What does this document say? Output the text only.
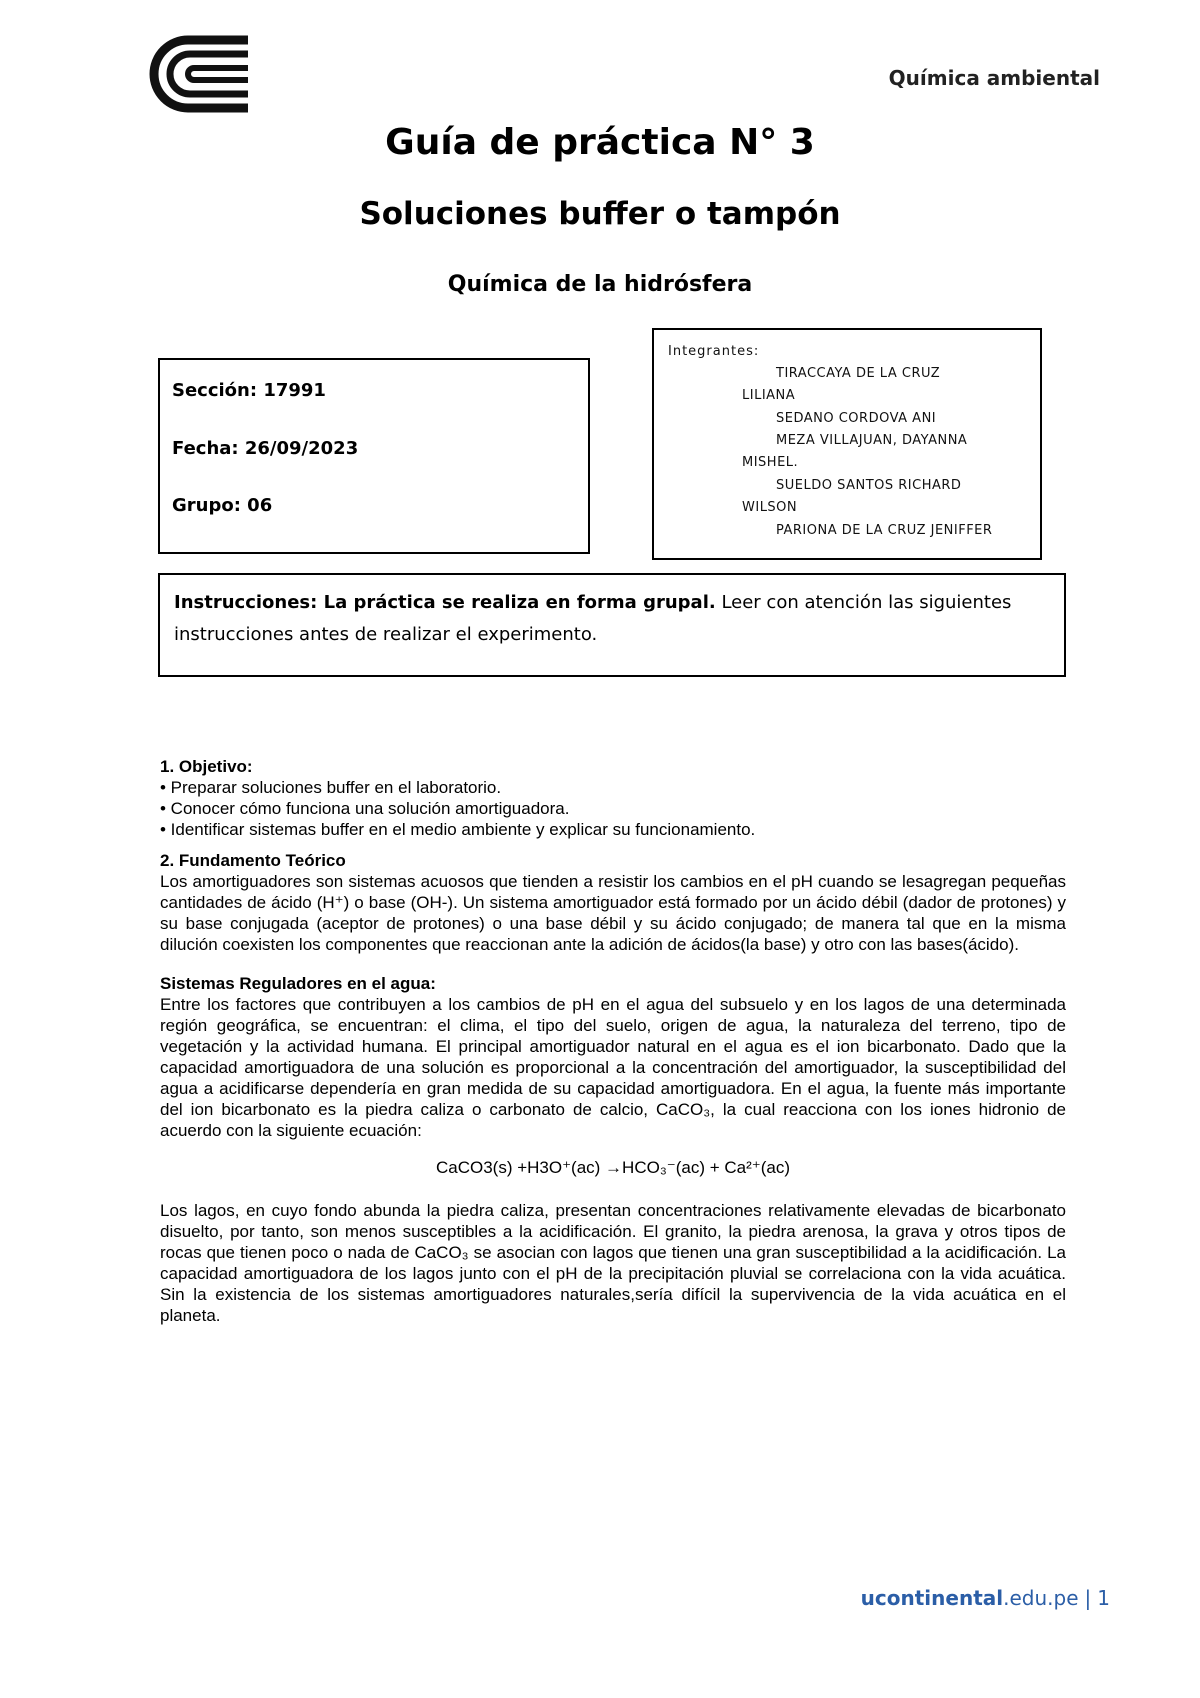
Química ambiental
Guía de práctica N° 3
Soluciones buffer o tampón
Química de la hidrósfera
Sección: 17991
Fecha: 26/09/2023
Grupo: 06
Integrantes:
TIRACCAYA DE LA CRUZ
LILIANA
SEDANO CORDOVA ANI
MEZA VILLAJUAN, DAYANNA
MISHEL.
SUELDO SANTOS RICHARD
WILSON
PARIONA DE LA CRUZ JENIFFER
Instrucciones: La práctica se realiza en forma grupal. Leer con atención las siguientes instrucciones antes de realizar el experimento.
1. Objetivo:

• Preparar soluciones buffer en el laboratorio.

• Conocer cómo funciona una solución amortiguadora.

• Identificar sistemas buffer en el medio ambiente y explicar su funcionamiento.

2. Fundamento Teórico

Los amortiguadores son sistemas acuosos que tienden a resistir los cambios en el pH cuando se lesagregan pequeñas cantidades de ácido (H⁺) o base (OH-). Un sistema amortiguador está formado por un ácido débil (dador de protones) y su base conjugada (aceptor de protones) o una base débil y su ácido conjugado; de manera tal que en la misma dilución coexisten los componentes que reaccionan ante la adición de ácidos(la base) y otro con las bases(ácido).

Sistemas Reguladores en el agua:

Entre los factores que contribuyen a los cambios de pH en el agua del subsuelo y en los lagos de una determinada región geográfica, se encuentran: el clima, el tipo del suelo, origen de agua, la naturaleza del terreno, tipo de vegetación y la actividad humana. El principal amortiguador natural en el agua es el ion bicarbonato. Dado que la capacidad amortiguadora de una solución es proporcional a la concentración del amortiguador, la susceptibilidad del agua a acidificarse dependería en gran medida de su capacidad amortiguadora. En el agua, la fuente más importante del ion bicarbonato es la piedra caliza o carbonato de calcio, CaCO₃, la cual reacciona con los iones hidronio de acuerdo con la siguiente ecuación:

CaCO3(s) +H3O⁺(ac) →HCO₃⁻(ac) + Ca²⁺(ac)

Los lagos, en cuyo fondo abunda la piedra caliza, presentan concentraciones relativamente elevadas de bicarbonato disuelto, por tanto, son menos susceptibles a la acidificación. El granito, la piedra arenosa, la grava y otros tipos de rocas que tienen poco o nada de CaCO₃ se asocian con lagos que tienen una gran susceptibilidad a la acidificación. La capacidad amortiguadora de los lagos junto con el pH de la precipitación pluvial se correlaciona con la vida acuática. Sin la existencia de los sistemas amortiguadores naturales,sería difícil la supervivencia de la vida acuática en el planeta.

ucontinental.edu.pe | 1
